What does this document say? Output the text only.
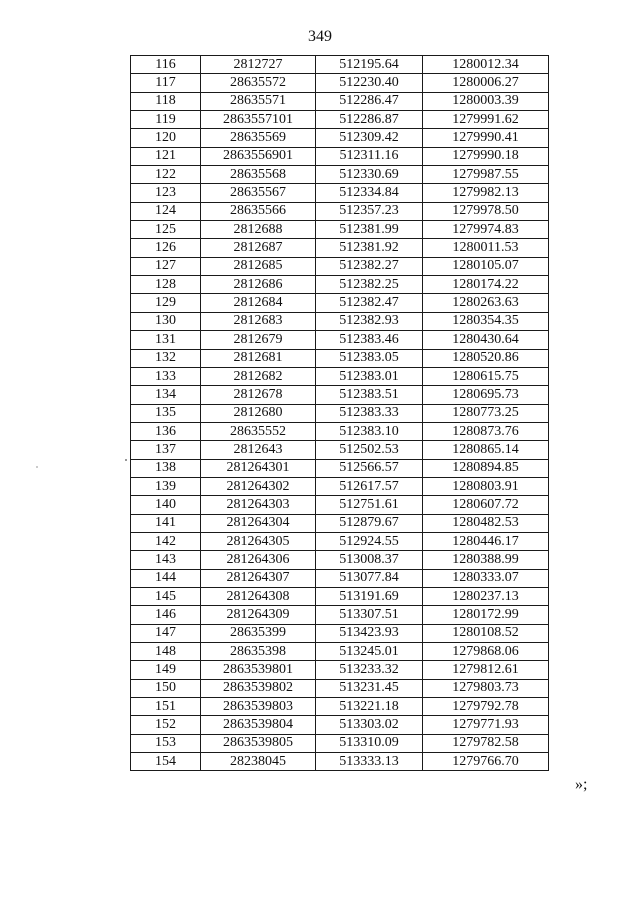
349
116	2812727	512195.64	1280012.34
117	28635572	512230.40	1280006.27
118	28635571	512286.47	1280003.39
119	2863557101	512286.87	1279991.62
120	28635569	512309.42	1279990.41
121	2863556901	512311.16	1279990.18
122	28635568	512330.69	1279987.55
123	28635567	512334.84	1279982.13
124	28635566	512357.23	1279978.50
125	2812688	512381.99	1279974.83
126	2812687	512381.92	1280011.53
127	2812685	512382.27	1280105.07
128	2812686	512382.25	1280174.22
129	2812684	512382.47	1280263.63
130	2812683	512382.93	1280354.35
131	2812679	512383.46	1280430.64
132	2812681	512383.05	1280520.86
133	2812682	512383.01	1280615.75
134	2812678	512383.51	1280695.73
135	2812680	512383.33	1280773.25
136	28635552	512383.10	1280873.76
137	2812643	512502.53	1280865.14
138	281264301	512566.57	1280894.85
139	281264302	512617.57	1280803.91
140	281264303	512751.61	1280607.72
141	281264304	512879.67	1280482.53
142	281264305	512924.55	1280446.17
143	281264306	513008.37	1280388.99
144	281264307	513077.84	1280333.07
145	281264308	513191.69	1280237.13
146	281264309	513307.51	1280172.99
147	28635399	513423.93	1280108.52
148	28635398	513245.01	1279868.06
149	2863539801	513233.32	1279812.61
150	2863539802	513231.45	1279803.73
151	2863539803	513221.18	1279792.78
152	2863539804	513303.02	1279771.93
153	2863539805	513310.09	1279782.58
154	28238045	513333.13	1279766.70
»;
